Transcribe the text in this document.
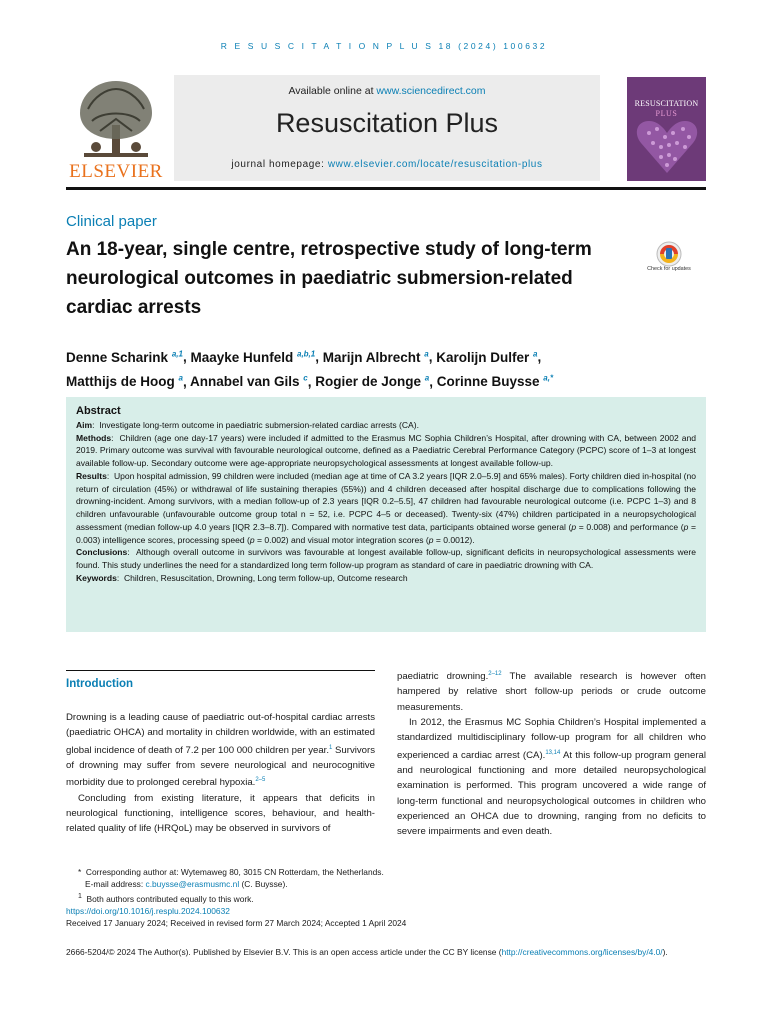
R E S U S C I T A T I O N P L U S 18 (2024) 100632
ELSEVIER
Available online at www.sciencedirect.com
Resuscitation Plus
journal homepage: www.elsevier.com/locate/resuscitation-plus
RESUSCITATION
PLUS
Clinical paper
An 18-year, single centre, retrospective study of long-term neurological outcomes in paediatric submersion-related cardiac arrests
Check for updates
Denne Scharink $^{a,1}$, Maayke Hunfeld $^{a,b,1}$, Marijn Albrecht $^a$, Karolijn Dulfer $^a$,
Matthijs de Hoog $^a$, Annabel van Gils $^c$, Rogier de Jonge $^a$, Corinne Buysse $^{a,*}$
Abstract

Aim:  Investigate long-term outcome in paediatric submersion-related cardiac arrests (CA).

Methods:  Children (age one day-17 years) were included if admitted to the Erasmus MC Sophia Children’s Hospital, after drowning with CA, between 2002 and 2019. Primary outcome was survival with favourable neurological outcome, defined as a Paediatric Cerebral Performance Category (PCPC) score of 1–3 at longest available follow-up. Secondary outcome were age-appropriate neuropsychological assessments at longest available follow-up.

Results:  Upon hospital admission, 99 children were included (median age at time of CA 3.2 years [IQR 2.0–5.9] and 65% males). Forty children died in-hospital (no return of circulation (45%) or withdrawal of life sustaining therapies (55%)) and 4 children deceased after hospital discharge due to complications following the drowning-incident. Among survivors, with a median follow-up of 2.3 years [IQR 0.2–5.5], 47 children had favourable neurological outcome (i.e. PCPC 1–3) and 8 children unfavourable (unfavourable outcome group total n = 52, i.e. PCPC 4–5 or deceased). Twenty-six (47%) children participated in a neuropsychological assessment (median follow-up 4.0 years [IQR 2.3–8.7]). Compared with normative test data, participants obtained worse general (p = 0.008) and performance (p = 0.003) intelligence scores, processing speed (p = 0.002) and visual motor integration scores (p = 0.0012).

Conclusions:  Although overall outcome in survivors was favourable at longest available follow-up, significant deficits in neuropsychological assessments were found. This study underlines the need for a standardized long term follow-up program as standard of care in paediatric drowning with CA.

Keywords:  Children, Resuscitation, Drowning, Long term follow-up, Outcome research

Introduction

Drowning is a leading cause of paediatric out-of-hospital cardiac arrests (paediatric OHCA) and mortality in children worldwide, with an estimated global incidence of death of 7.2 per 100 000 children per year.$^1$ Survivors of drowning may suffer from severe neurological and neurocognitive morbidity due to prolonged cerebral hypoxia.$^{2-5}$

Concluding from existing literature, it appears that deficits in neurological functioning, intelligence scores, behaviour, and health-related quality of life (HRQoL) may be observed in survivors of

paediatric drowning.$^{2-12}$ The available research is however often hampered by relative short follow-up periods or crude outcome measurements.

In 2012, the Erasmus MC Sophia Children’s Hospital implemented a standardized multidisciplinary follow-up program for all children who experienced a cardiac arrest (CA).$^{13,14}$ At this follow-up program general and neurological functioning and more detailed neuropsychological examination is performed. This program uncovered a wide range of long-term functional and neuropsychological outcomes in children who experienced an OHCA due to drowning, ranging from no deficits to severe impairments and even death.

* Corresponding author at: Wytemaweg 80, 3015 CN Rotterdam, the Netherlands.
E-mail address: c.buysse@erasmusmc.nl (C. Buysse).
$^1$ Both authors contributed equally to this work.
https://doi.org/10.1016/j.resplu.2024.100632
Received 17 January 2024; Received in revised form 27 March 2024; Accepted 1 April 2024
2666-5204/© 2024 The Author(s). Published by Elsevier B.V. This is an open access article under the CC BY license (http://creativecommons.org/licenses/by/4.0/).
